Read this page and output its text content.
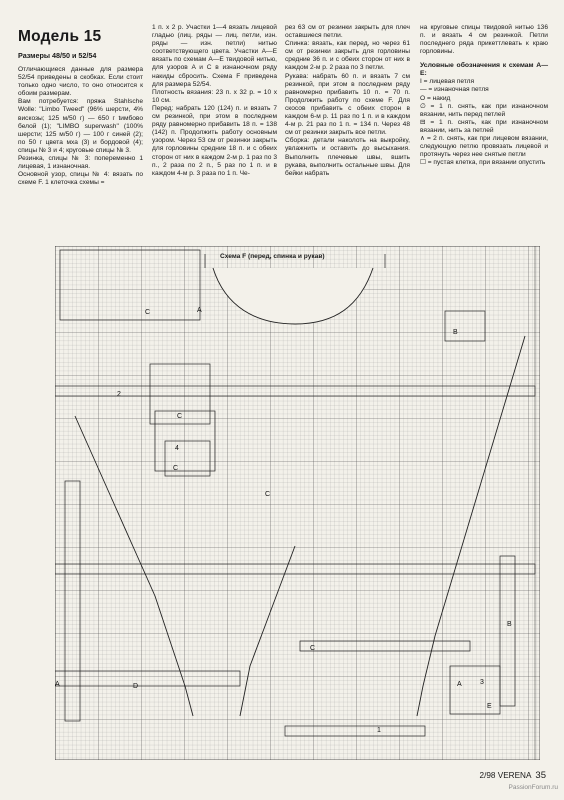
Модель 15
Размеры 48/50 и 52/54

Отличающиеся данные для размера 52/54 приведены в скобках. Если стоит только одно число, то оно относится к обоим размерам.

Вам потребуется: пряжа Stahlsche Wolle: "Limbo Tweed" (96% шерсти, 4% вискозы; 125 м/50 г) — 650 г tимбово белой (1); "LIMBO superwash" (100% шерсти; 125 м/50 г) — 100 г синей (2); по 50 г цвета мха (3) и бордовой (4); спицы № 3 и 4; круговые спицы № 3.

Резинка, спицы № 3: попеременно 1 лицевая, 1 изнаночная.

Основной узор, спицы № 4: вязать по схеме F. 1 клеточка схемы =

1 п. х 2 р. Участки 1—4 вязать лицевой гладью (лиц. ряды — лиц. петли, изн. ряды — изн. петли) нитью соответствующего цвета. Участки A—E вязать по схемам A—E твидовой нитью, для узоров A и C в изнаночном ряду накиды сбросить. Схема F приведена для размера 52/54.

Плотность вязания: 23 п. х 32 р. = 10 х 10 см.

Перед: набрать 120 (124) п. и вязать 7 см резинкой, при этом в последнем ряду равномерно прибавить 18 п. = 138 (142) п. Продолжить работу основным узором. Через 53 см от резинки закрыть для горловины средние 18 п. и с обеих сторон от них в каждом 2-м р. 1 раз по 3 п., 2 раза по 2 п., 5 раз по 1 п. и в каждом 4-м р. 3 раза по 1 п. Че-

рез 63 см от резинки закрыть для плеч оставшиеся петли.

Спинка: вязать, как перед, но через 61 см от резинки закрыть для горловины средние 36 п. и с обеих сторон от них в каждом 2-м р. 2 раза по 3 петли.

Рукава: набрать 60 п. и вязать 7 см резинкой, при этом в последнем ряду равномерно прибавить 10 п. = 70 п. Продолжить работу по схеме F. Для скосов прибавить с обеих сторон в каждом 6-м р. 11 раз по 1 п. и в каждом 4-м р. 21 раз по 1 п. = 134 п. Через 48 см от резинки закрыть все петли.

Сборка: детали наколоть на выкройку, увлажнить и оставить до высыхания. Выполнить плечевые швы, вшить рукава, выполнить остальные швы. Для бейки набрать

на круговые спицы твидовой нитью 136 п. и вязать 4 см резинкой. Петли последнего ряда прикеттлевать к краю горловины.

Условные обозначения к схемам A—E:

I = лицевая петля

— = изнаночная петля

O = накид

∅ = 1 п. снять, как при изнаночном вязании, нить перед петлей

⊟ = 1 п. снять, как при изнаночном вязании, нить за петлей

∧ = 2 п. снять, как при лицевом вязании, следующую петлю провязать лицевой и протянуть через нее снятые петли

☐ = пустая клетка, при вязании опустить

C	A
B
2
C
4
C
C
C
B
A	D	A	3
E
1
Схема F (перед, спинка и рукав)
2/98 VERENA 35
PassionForum.ru
